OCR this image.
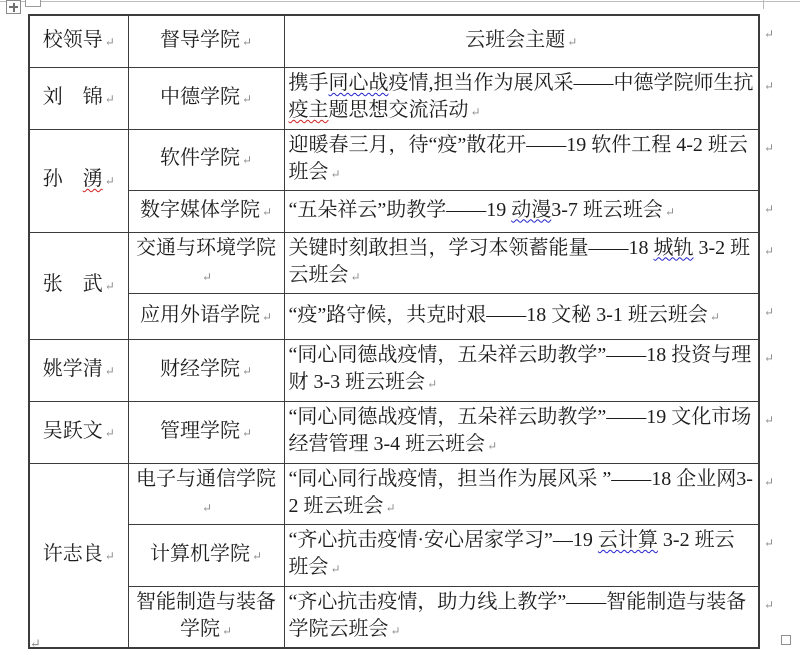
校领导 ↵	督导学院 ↵	云班会主题 ↵
↵

刘　锦 ↵	中德学院 ↵	携手同心战疫情,担当作为展风采——中德学院师生抗疫主题思想交流活动 ↵
↵

孙　湧 ↵	软件学院 ↵	迎暖春三月，待“疫”散花开——19 软件工程 4-2 班云班会 ↵
↵

	数字媒体学院 ↵	“五朵祥云”助教学——19 动漫3-7 班云班会 ↵ ↵

张　武 ↵	交通与环境学院↵	关键时刻敢担当，学习本领蓄能量——18 城轨 3-2 班云班会 ↵
↵

	应用外语学院 ↵	“疫”路守候，共克时艰——18 文秘 3-1 班云班会 ↵ ↵

姚学清 ↵	财经学院 ↵	“同心同德战疫情，五朵祥云助教学”——18 投资与理财 3-3 班云班会 ↵
↵

吴跃文 ↵	管理学院 ↵	“同心同德战疫情，五朵祥云助教学”——19 文化市场经营管理 3-4 班云班会 ↵
↵

许志良 ↵	电子与通信学院↵	“同心同行战疫情，担当作为展风采 ”——18 企业网3-2 班云班会 ↵
↵

	计算机学院 ↵	“齐心抗击疫情·安心居家学习”—19 云计算 3-2 班云班会 ↵
↵

	智能制造与装备学院 ↵	“齐心抗击疫情，助力线上教学”——智能制造与装备学院云班会 ↵
↵
↵
